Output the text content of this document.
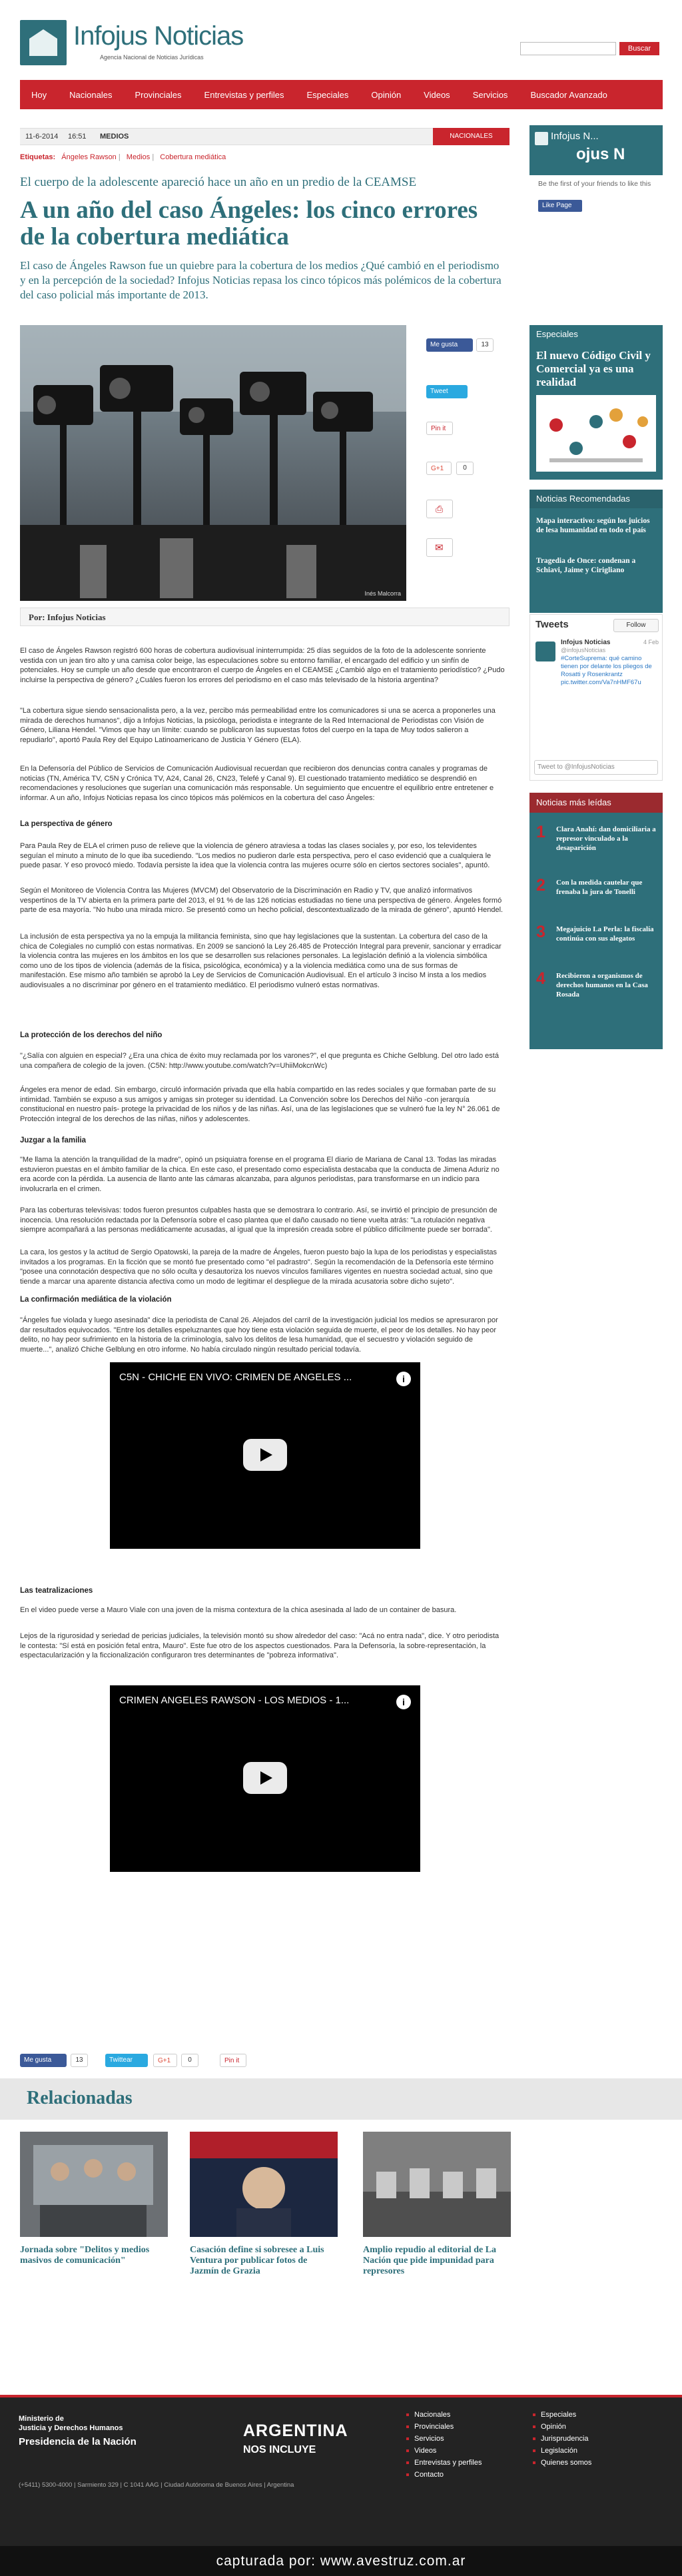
Infojus Noticias
Agencia Nacional de Noticias Jurídicas
Buscar
Hoy	Nacionales	Provinciales	Entrevistas y perfiles	Especiales	Opinión	Videos	Servicios	Buscador Avanzado
11-6-2014 16:51 MEDIOS	NACIONALES
Etiquetas: Ángeles Rawson | Medios | Cobertura mediática
El cuerpo de la adolescente apareció hace un año en un predio de la CEAMSE
A un año del caso Ángeles: los cinco errores de la cobertura mediática
El caso de Ángeles Rawson fue un quiebre para la cobertura de los medios ¿Qué cambió en el periodismo y en la percepción de la sociedad? Infojus Noticias repasa los cinco tópicos más polémicos de la cobertura del caso policial más importante de 2013.
Inés Malcorra
Me gusta	13
Tweet
Pin it
G+1	0
⎙
✉
Por: Infojus Noticias
El caso de Ángeles Rawson registró 600 horas de cobertura audiovisual ininterrumpida: 25 días seguidos de la foto de la adolescente sonriente vestida con un jean tiro alto y una camisa color beige, las especulaciones sobre su entorno familiar, el encargado del edificio y un sinfín de potenciales. Hoy se cumple un año desde que encontraron el cuerpo de Ángeles en el CEAMSE ¿Cambió algo en el tratamiento periodístico? ¿Pudo incluirse la perspectiva de género? ¿Cuáles fueron los errores del periodismo en el caso más televisado de la historia argentina?
"La cobertura sigue siendo sensacionalista pero, a la vez, percibo más permeabilidad entre los comunicadores si una se acerca a proponerles una mirada de derechos humanos", dijo a Infojus Noticias, la psicóloga, periodista e integrante de la Red Internacional de Periodistas con Visión de Género, Liliana Hendel. "Vimos que hay un límite: cuando se publicaron las supuestas fotos del cuerpo en la tapa de Muy todos salieron a repudiarlo", aportó Paula Rey del Equipo Latinoamericano de Justicia Y Género (ELA).
En la Defensoría del Público de Servicios de Comunicación Audiovisual recuerdan que recibieron dos denuncias contra canales y programas de noticias (TN, América TV, C5N y Crónica TV, A24, Canal 26, CN23, Telefé y Canal 9). El cuestionado tratamiento mediático se desprendió en recomendaciones y resoluciones que sugerían una comunicación más responsable. Un seguimiento que encuentre el equilibrio entre entretener e informar. A un año, Infojus Noticias repasa los cinco tópicos más polémicos en la cobertura del caso Ángeles:
La perspectiva de género
Para Paula Rey de ELA el crimen puso de relieve que la violencia de género atraviesa a todas las clases sociales y, por eso, los televidentes seguían el minuto a minuto de lo que iba sucediendo. "Los medios no pudieron darle esta perspectiva, pero el caso evidenció que a cualquiera le puede pasar. Y eso provocó miedo. Todavía persiste la idea que la violencia contra las mujeres ocurre sólo en ciertos sectores sociales", apuntó.
Según el Monitoreo de Violencia Contra las Mujeres (MVCM) del Observatorio de la Discriminación en Radio y TV, que analizó informativos vespertinos de la TV abierta en la primera parte del 2013, el 91 % de las 126 noticias estudiadas no tiene una perspectiva de género. Ángeles formó parte de esa mayoría. "No hubo una mirada micro. Se presentó como un hecho policial, descontextualizado de la mirada de género", apuntó Hendel.
La inclusión de esta perspectiva ya no la empuja la militancia feminista, sino que hay legislaciones que la sustentan. La cobertura del caso de la chica de Colegiales no cumplió con estas normativas. En 2009 se sancionó la Ley 26.485 de Protección Integral para prevenir, sancionar y erradicar la violencia contra las mujeres en los ámbitos en los que se desarrollen sus relaciones personales. La legislación definió a la violencia simbólica como uno de los tipos de violencia (además de la física, psicológica, económica) y a la violencia mediática como una de sus formas de manifestación. Ese mismo año también se aprobó la Ley de Servicios de Comunicación Audiovisual. En el artículo 3 inciso M insta a los medios audiovisuales a no discriminar por género en el tratamiento mediático. El periodismo vulneró estas normativas.
La protección de los derechos del niño
"¿Salía con alguien en especial? ¿Era una chica de éxito muy reclamada por los varones?", el que pregunta es Chiche Gelblung. Del otro lado está una compañera de colegio de la joven. (C5N: http://www.youtube.com/watch?v=UhiiMokcnWc)
Ángeles era menor de edad. Sin embargo, circuló información privada que ella había compartido en las redes sociales y que formaban parte de su intimidad. También se expuso a sus amigos y amigas sin proteger su identidad. La Convención sobre los Derechos del Niño -con jerarquía constitucional en nuestro país- protege la privacidad de los niños y de las niñas. Así, una de las legislaciones que se vulneró fue la ley N° 26.061 de Protección integral de los derechos de las niñas, niños y adolescentes.
Juzgar a la familia
"Me llama la atención la tranquilidad de la madre", opinó un psiquiatra forense en el programa El diario de Mariana de Canal 13. Todas las miradas estuvieron puestas en el ámbito familiar de la chica. En este caso, el presentado como especialista destacaba que la conducta de Jimena Aduriz no era acorde con la pérdida. La ausencia de llanto ante las cámaras alcanzaba, para algunos periodistas, para transformarse en un indicio para involucrarla en el crimen.
Para las coberturas televisivas: todos fueron presuntos culpables hasta que se demostrara lo contrario. Así, se invirtió el principio de presunción de inocencia. Una resolución redactada por la Defensoría sobre el caso plantea que el daño causado no tiene vuelta atrás: "La rotulación negativa siempre acompañará a las personas mediáticamente acusadas, al igual que la impresión creada sobre el público difícilmente puede ser borrada".
La cara, los gestos y la actitud de Sergio Opatowski, la pareja de la madre de Ángeles, fueron puesto bajo la lupa de los periodistas y especialistas invitados a los programas. En la ficción que se montó fue presentado como "el padrastro". Según la recomendación de la Defensoría este término "posee una connotación despectiva que no sólo oculta y desautoriza los nuevos vínculos familiares vigentes en nuestra sociedad actual, sino que tiende a marcar una aparente distancia afectiva como un modo de legitimar el despliegue de la mirada acusatoria sobre dicho sujeto".
La confirmación mediática de la violación
"Ángeles fue violada y luego asesinada" dice la periodista de Canal 26. Alejados del carril de la investigación judicial los medios se apresuraron por dar resultados equivocados. "Entre los detalles espeluznantes que hoy tiene esta violación seguida de muerte, el peor de los detalles. No hay peor delito, no hay peor sufrimiento en la historia de la criminología, salvo los delitos de lesa humanidad, que el secuestro y violación seguido de muerte...", analizó Chiche Gelblung en otro informe. No había circulado ningún resultado pericial todavía.
C5N - CHICHE EN VIVO: CRIMEN DE ANGELES ...	i
Las teatralizaciones
En el video puede verse a Mauro Viale con una joven de la misma contextura de la chica asesinada al lado de un container de basura.
Lejos de la rigurosidad y seriedad de pericias judiciales, la televisión montó su show alrededor del caso: "Acá no entra nada", dice. Y otro periodista le contesta: "Sí está en posición fetal entra, Mauro". Este fue otro de los aspectos cuestionados. Para la Defensoría, la sobre-representación, la espectacularización y la ficcionalización configuraron tres determinantes de "pobreza informativa".
CRIMEN ANGELES RAWSON - LOS MEDIOS - 1...	i
Me gusta	13	Twittear	G+1	0	Pin it
Relacionadas
Jornada sobre "Delitos y medios masivos de comunicación"
Casación define si sobresee a Luis Ventura por publicar fotos de Jazmín de Grazia
Amplio repudio al editorial de La Nación que pide impunidad para represores
Infojus N...
ojus N
Be the first of your friends to like this
Like Page
Especiales
El nuevo Código Civil y Comercial ya es una realidad
Noticias Recomendadas
Mapa interactivo: según los juicios de lesa humanidad en todo el país
Tragedia de Once: condenan a Schiavi, Jaime y Cirigliano
Tweets	Follow
Infojus Noticias
@infojusNoticias
4 Feb
#CorteSuprema: qué camino tienen por delante los pliegos de Rosatti y Rosenkrantz
pic.twitter.com/Va7nHMF67u
Tweet to @InfojusNoticias
Noticias más leídas
1 Clara Anahí: dan domiciliaria a represor vinculado a la desaparición
2 Con la medida cautelar que frenaba la jura de Tonelli
3 Megajuicio La Perla: la fiscalía continúa con sus alegatos
4 Recibieron a organismos de derechos humanos en la Casa Rosada
Ministerio de
Justicia y Derechos Humanos
Presidencia de la Nación
(+5411) 5300-4000 | Sarmiento 329 | C 1041 AAG | Ciudad Autónoma de Buenos Aires | Argentina
ARGENTINA
NOS INCLUYE
Nacionales
Provinciales
Servicios
Videos
Entrevistas y perfiles
Contacto
Especiales
Opinión
Jurisprudencia
Legislación
Quienes somos
capturada por: www.avestruz.com.ar
